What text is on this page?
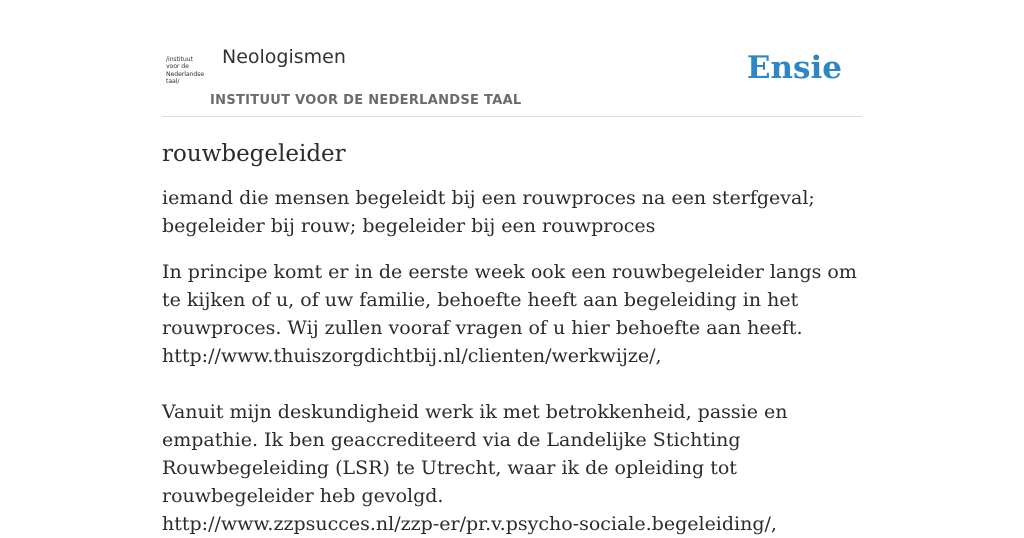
/instituut
voor de
Nederlandse
taal/
Neologismen
INSTITUUT VOOR DE NEDERLANDSE TAAL
Ensie
rouwbegeleider

iemand die mensen begeleidt bij een rouwproces na een sterfgeval; begeleider bij rouw; begeleider bij een rouwproces

In principe komt er in de eerste week ook een rouwbegeleider langs om te kijken of u, of uw familie, behoefte heeft aan begeleiding in het rouwproces. Wij zullen vooraf vragen of u hier behoefte aan heeft.
http://www.thuiszorgdichtbij.nl/clienten/werkwijze/,
Vanuit mijn deskundigheid werk ik met betrokkenheid, passie en empathie. Ik ben geaccrediteerd via de Landelijke Stichting Rouwbegeleiding (LSR) te Utrecht, waar ik de opleiding tot rouwbegeleider heb gevolgd.
http://www.zzpsucces.nl/zzp-er/pr.v.psycho-sociale.begeleiding/,
